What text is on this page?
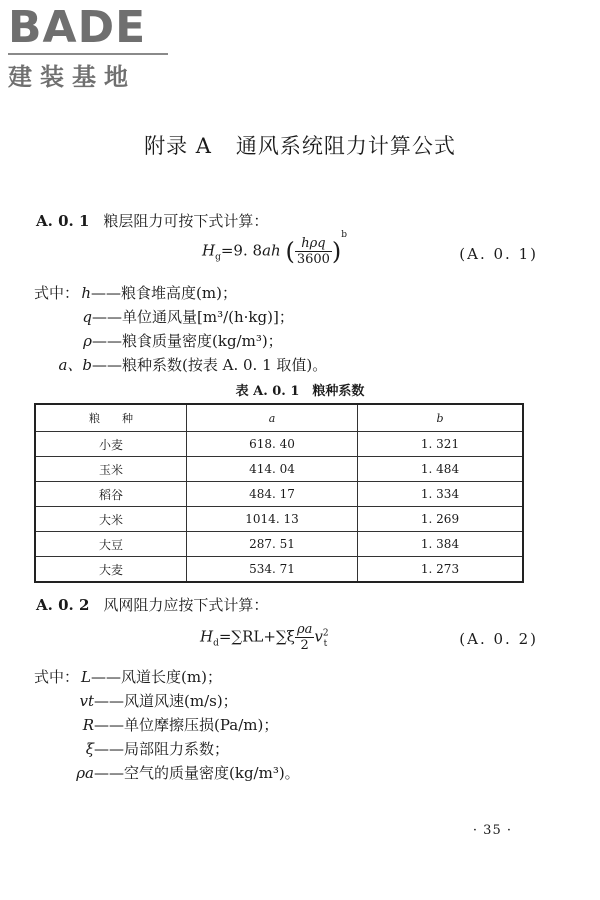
BADE
建装基地
附录 A 通风系统阻力计算公式
A. 0. 1 粮层阻力可按下式计算：
$H_g=9$. 8ah ( $\frac{\text{hρq}}{3600} )^b$
(A. 0. 1)
式中： h——粮食堆高度(m)；
q——单位通风量[m³/(h·kg)]；
ρ——粮食质量密度(kg/m³)；
a、b——粮种系数(按表 A. 0. 1 取值)。
表 A. 0. 1　粮种系数
粮　　种	a	b
小麦	618. 40	1. 321
玉米	414. 04	1. 484
稻谷	484. 17	1. 334
大米	1014. 13	1. 269
大豆	287. 51	1. 384
大麦	534. 71	1. 273
A. 0. 2 风网阻力应按下式计算：
$H_d=\sum RL+\sum\xi \frac{\rho a}{2} v^2_t$	(A. 0. 2)
式中： L——风道长度(m)；
vt——风道风速(m/s)；
R——单位摩擦压损(Pa/m)；
ξ——局部阻力系数；
ρa——空气的质量密度(kg/m³)。
· 35 ·
